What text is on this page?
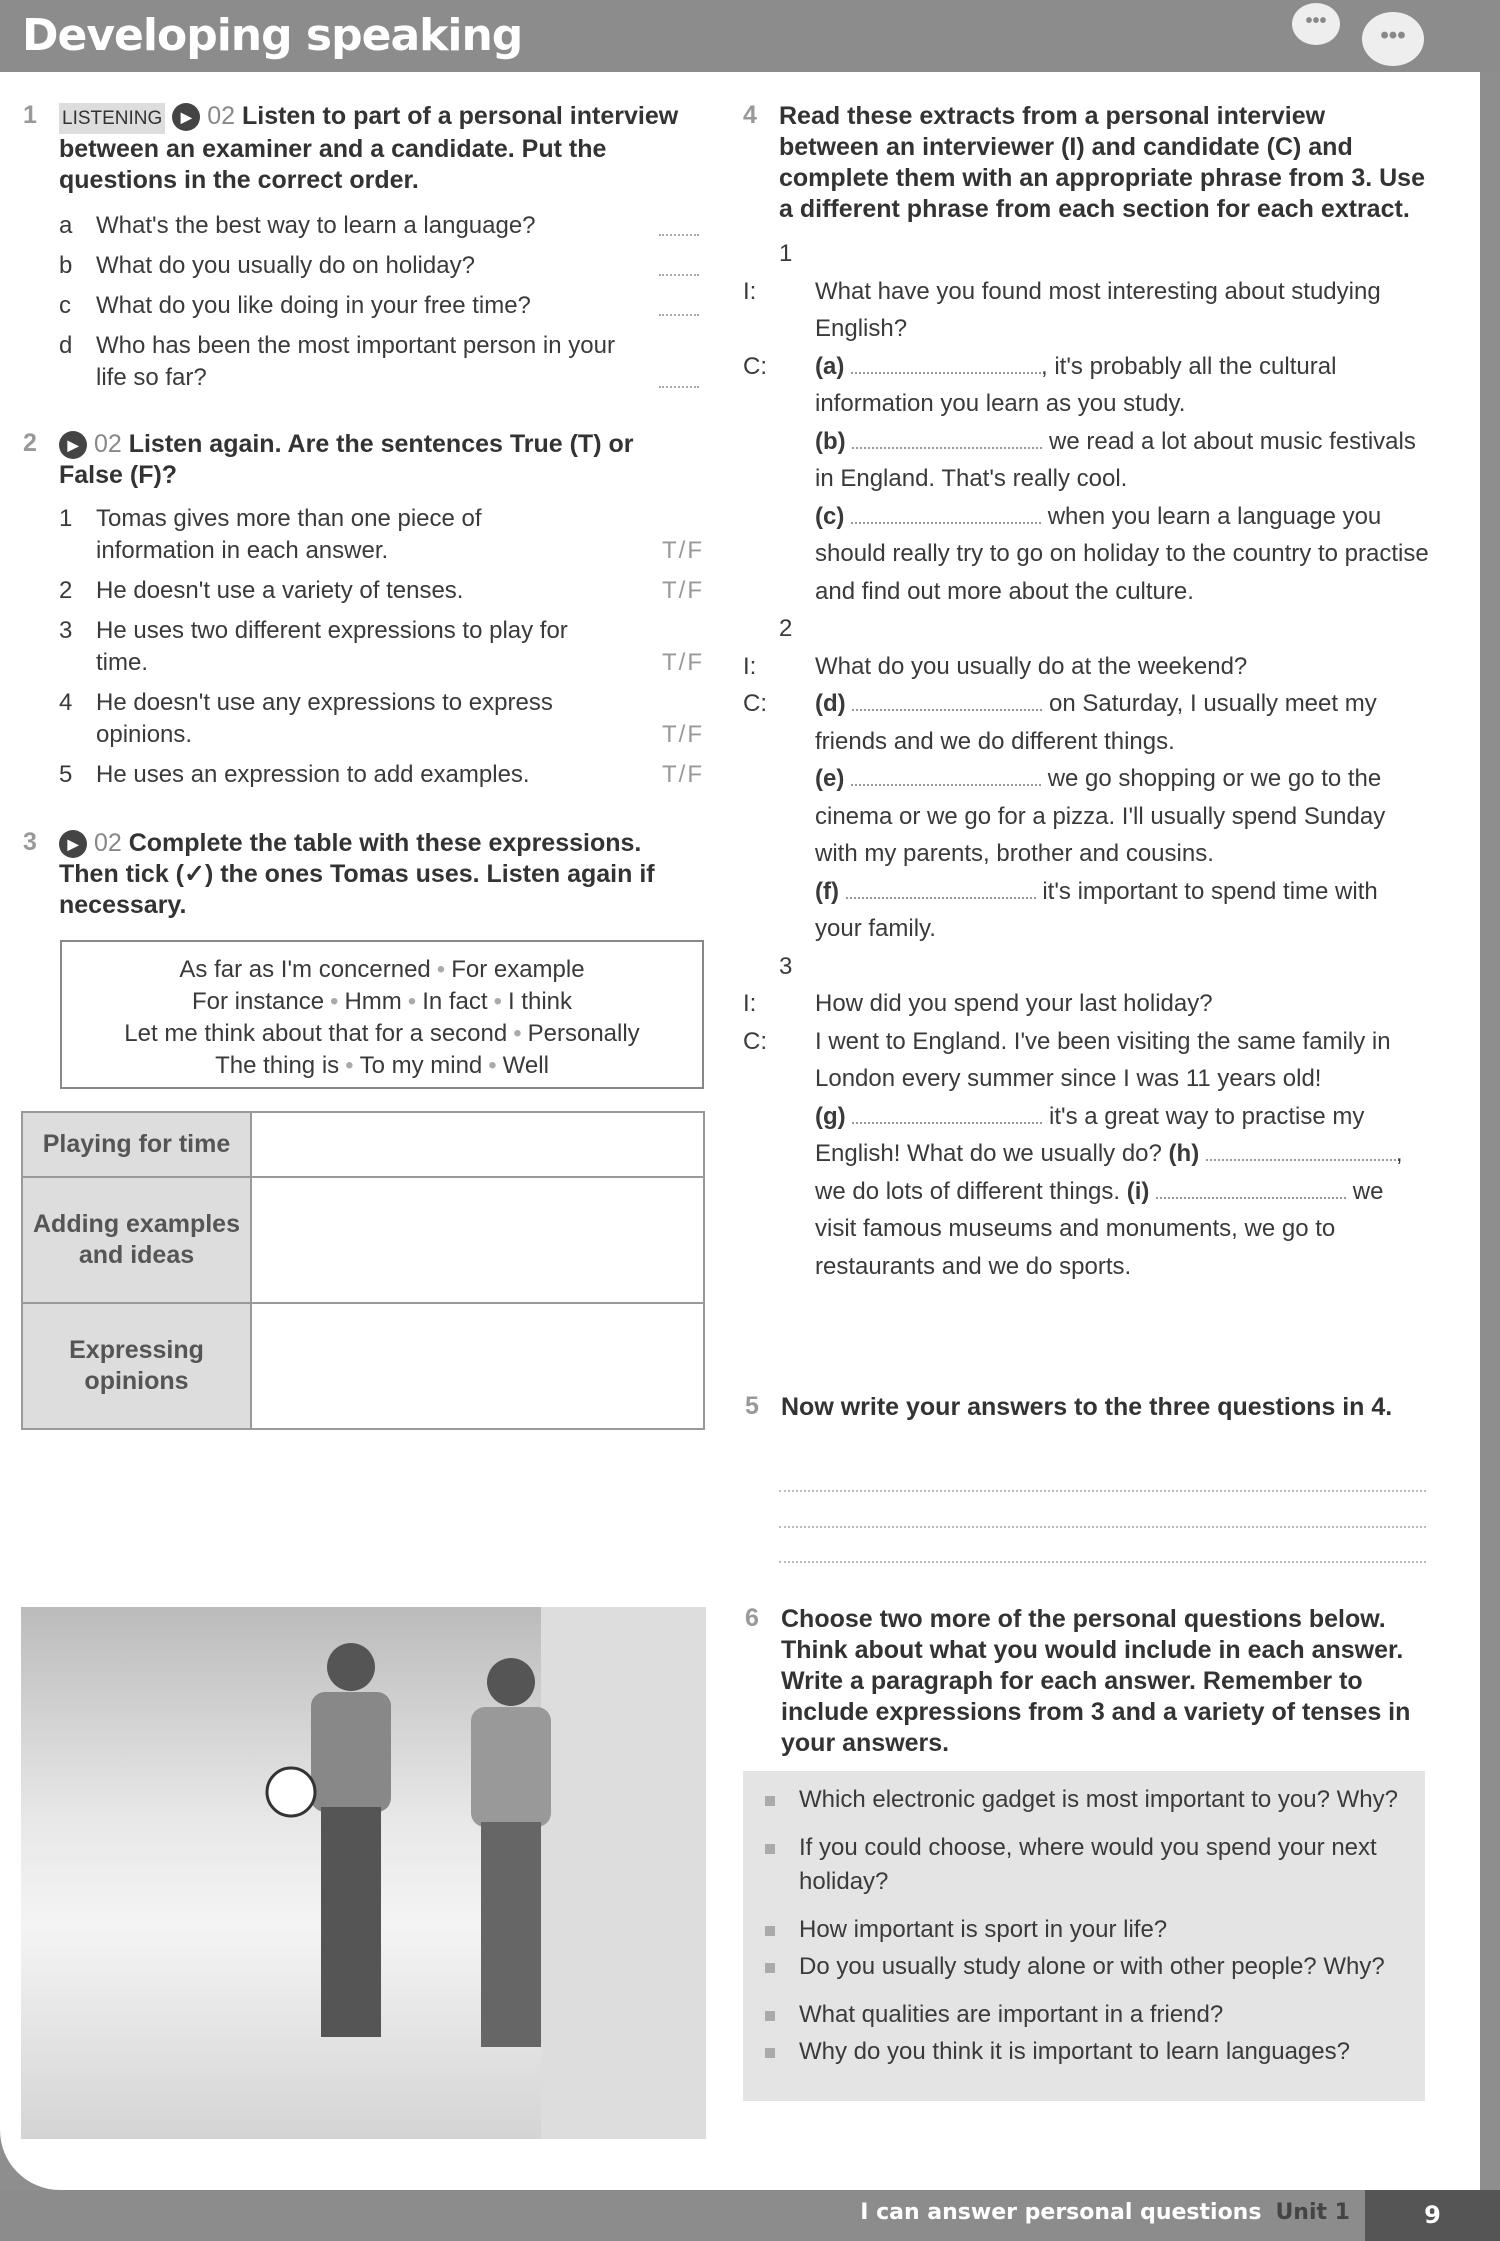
Developing speaking	•••
•••
1 LISTENING ▶ 02 Listen to part of a personal interview between an examiner and a candidate. Put the questions in the correct order.
a What's the best way to learn a language?
b What do you usually do on holiday?
c What do you like doing in your free time?
d Who has been the most important person in your life so far?
2	▶ 02 Listen again. Are the sentences True (T) or False (F)?
1 Tomas gives more than one piece of information in each answer.	T/F
2 He doesn't use a variety of tenses.	T/F
3 He uses two different expressions to play for time.	T/F
4 He doesn't use any expressions to express opinions.	T/F
5 He uses an expression to add examples.	T/F
3	▶ 02 Complete the table with these expressions. Then tick (✓) the ones Tomas uses. Listen again if necessary.
As far as I'm concerned • For example
For instance • Hmm • In fact • I think
Let me think about that for a second • Personally
The thing is • To my mind • Well
Playing for time	
Adding examples and ideas	
Expressing opinions	
4 Read these extracts from a personal interview between an interviewer (I) and candidate (C) and complete them with an appropriate phrase from 3. Use a different phrase from each section for each extract.
1
I:	What have you found most interesting about studying English?
C:	(a)	, it's probably all the cultural information you learn as you study.
(b)	we read a lot about music festivals in England. That's really cool.
(c)	when you learn a language you should really try to go on holiday to the country to practise and find out more about the culture.
2
I:	What do you usually do at the weekend?
C:	(d)	on Saturday, I usually meet my friends and we do different things.
(e)	we go shopping or we go to the cinema or we go for a pizza. I'll usually spend Sunday with my parents, brother and cousins.
(f)	it's important to spend time with your family.
3
I:	How did you spend your last holiday?
C:	I went to England. I've been visiting the same family in London every summer since I was 11 years old!
(g)	it's a great way to practise my English! What do we usually do? (h)	, we do lots of different things. (i)	we visit famous museums and monuments, we go to restaurants and we do sports.
5 Now write your answers to the three questions in 4.
6 Choose two more of the personal questions below. Think about what you would include in each answer. Write a paragraph for each answer. Remember to include expressions from 3 and a variety of tenses in your answers.
Which electronic gadget is most important to you? Why?
If you could choose, where would you spend your next holiday?
How important is sport in your life?
Do you usually study alone or with other people? Why?
What qualities are important in a friend?
Why do you think it is important to learn languages?
I can answer personal questions Unit 1	9
